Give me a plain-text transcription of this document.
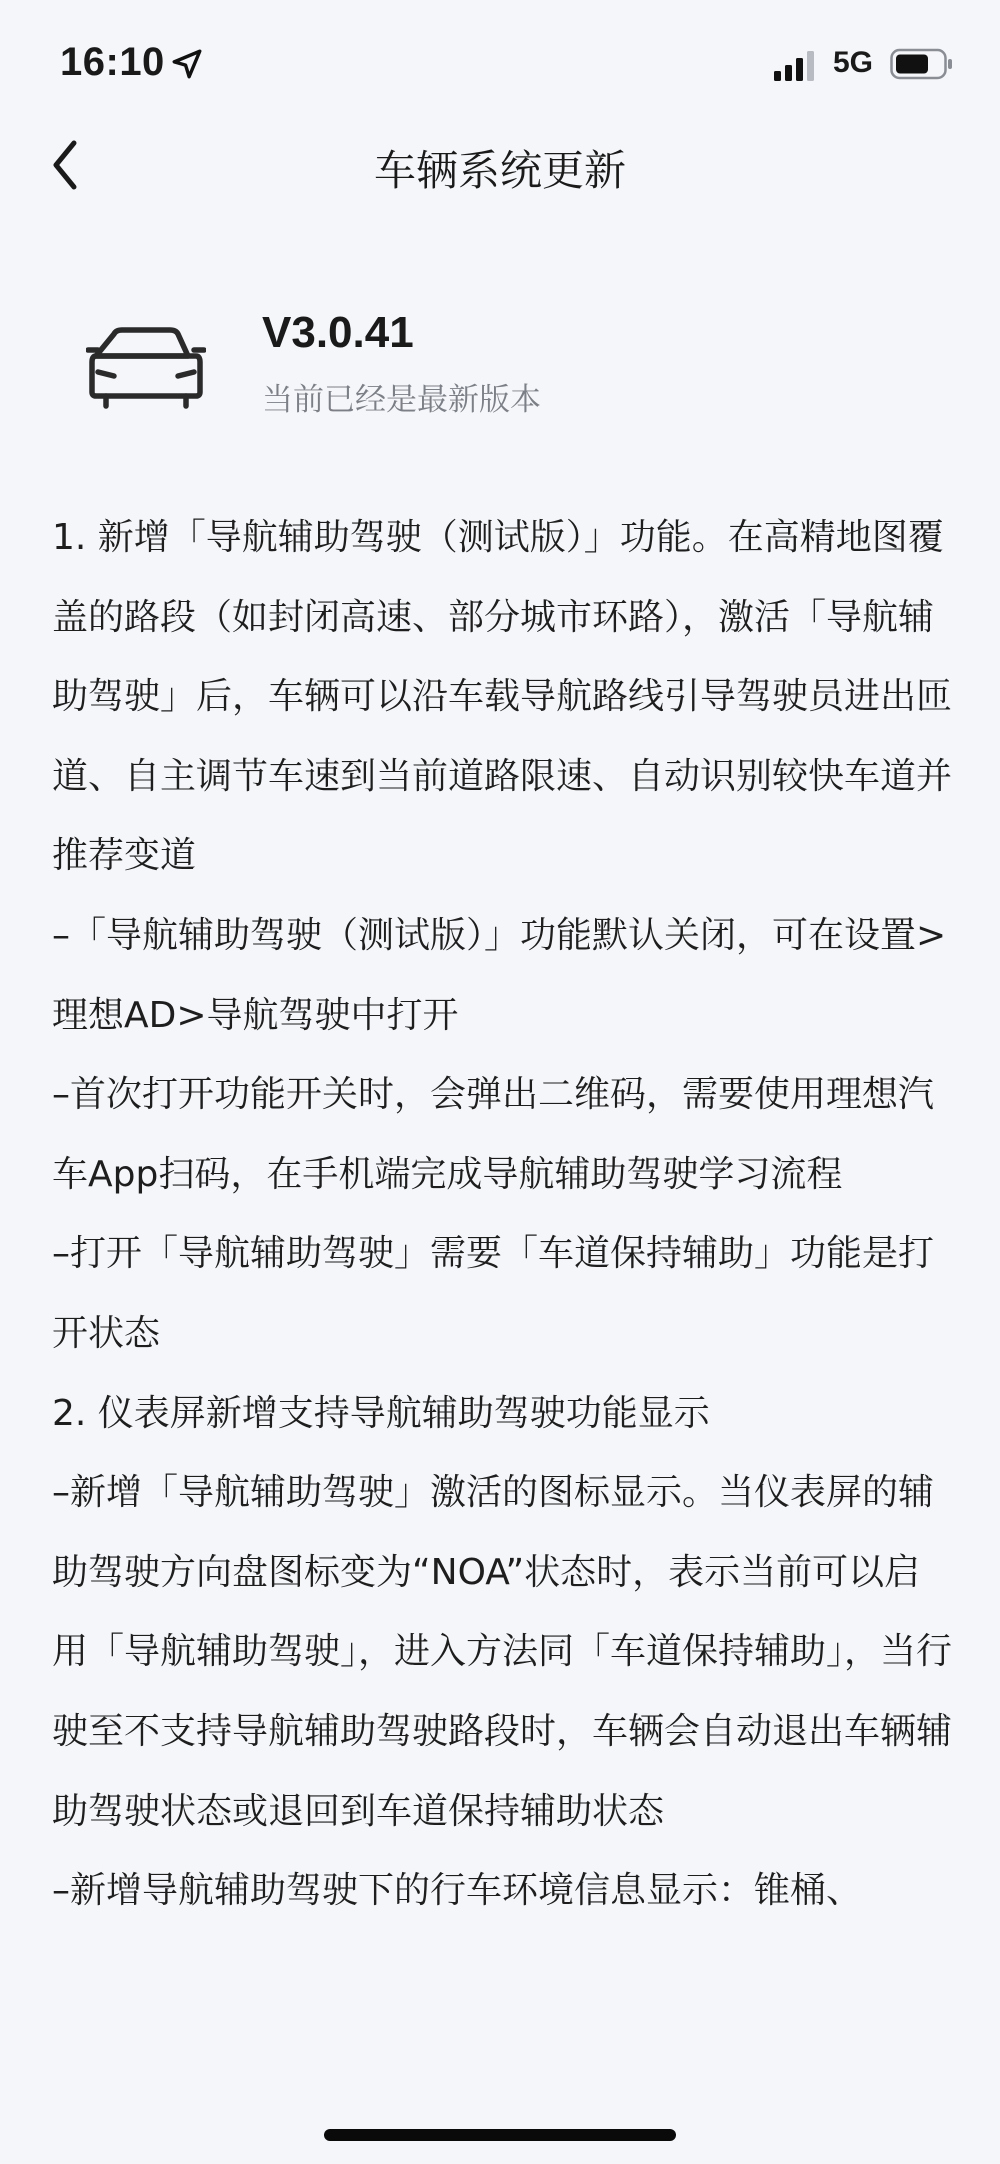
16:10	5G
车辆系统更新
V3.0.41
当前已经是最新版本

1. 新增「导航辅助驾驶（测试版）」功能。在高精地图覆盖的路段（如封闭高速、部分城市环路），激活「导航辅助驾驶」后，车辆可以沿车载导航路线引导驾驶员进出匝道、自主调节车速到当前道路限速、自动识别较快车道并推荐变道

–「导航辅助驾驶（测试版）」功能默认关闭，可在设置>理想AD>导航驾驶中打开

–首次打开功能开关时，会弹出二维码，需要使用理想汽车App扫码，在手机端完成导航辅助驾驶学习流程

–打开「导航辅助驾驶」需要「车道保持辅助」功能是打开状态

2. 仪表屏新增支持导航辅助驾驶功能显示

–新增「导航辅助驾驶」激活的图标显示。当仪表屏的辅助驾驶方向盘图标变为“NOA”状态时，表示当前可以启用「导航辅助驾驶」，进入方法同「车道保持辅助」，当行驶至不支持导航辅助驾驶路段时，车辆会自动退出车辆辅助驾驶状态或退回到车道保持辅助状态

–新增导航辅助驾驶下的行车环境信息显示：锥桶、
